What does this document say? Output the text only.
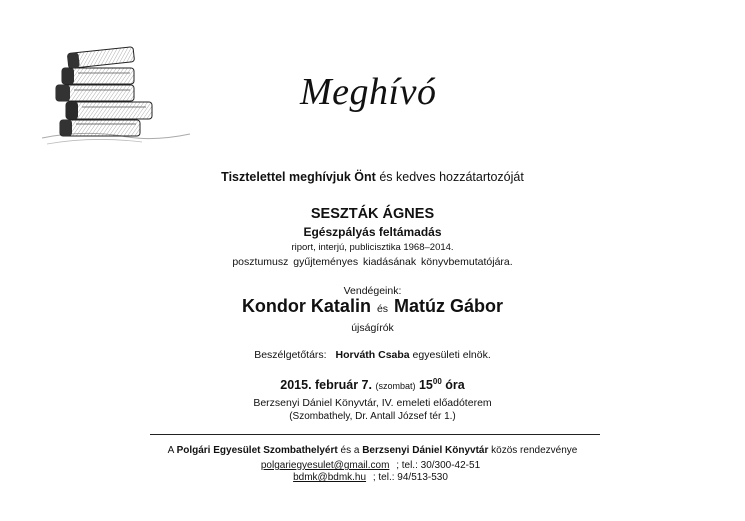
Meghívó
Tisztelettel meghívjuk Önt és kedves hozzátartozóját
SESZTÁK ÁGNES
Egészpályás feltámadás
riport, interjú, publicisztika 1968–2014.
posztumusz gyűjteményes kiadásának könyvbemutatójára.
Vendégeink:
Kondor Katalin és Matúz Gábor
újságírók
Beszélgetőtárs: Horváth Csaba egyesületi elnök.
2015. február 7. (szombat) $15^{00}$ óra
Berzsenyi Dániel Könyvtár, IV. emeleti előadóterem
(Szombathely, Dr. Antall József tér 1.)
A Polgári Egyesület Szombathelyért és a Berzsenyi Dániel Könyvtár közös rendezvénye
polgariegyesulet@gmail.com ; tel.: 30/300-42-51
bdmk@bdmk.hu ; tel.: 94/513-530
